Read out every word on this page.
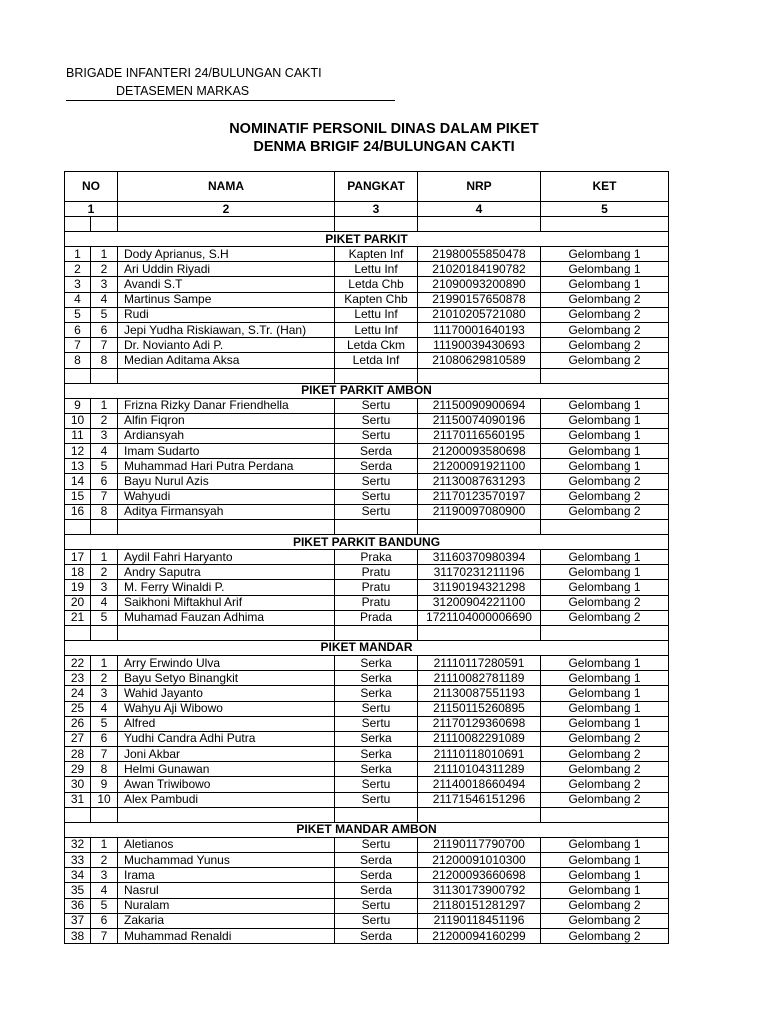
BRIGADE INFANTERI 24/BULUNGAN CAKTI
DETASEMEN MARKAS
NOMINATIF PERSONIL DINAS DALAM PIKET
DENMA BRIGIF 24/BULUNGAN CAKTI
NO		NAMA	PANGKAT	NRP	KET
1		2	3	4	5

PIKET PARKIT					
1	1	Dody Aprianus, S.H	Kapten Inf	21980055850478	Gelombang 1
2	2	Ari Uddin Riyadi	Lettu Inf	21020184190782	Gelombang 1
3	3	Avandi S.T	Letda Chb	21090093200890	Gelombang 1
4	4	Martinus Sampe	Kapten Chb	21990157650878	Gelombang 2
5	5	Rudi	Lettu Inf	21010205721080	Gelombang 2
6	6	Jepi Yudha Riskiawan, S.Tr. (Han)	Lettu Inf	11170001640193	Gelombang 2
7	7	Dr. Novianto Adi P.	Letda Ckm	11190039430693	Gelombang 2
8	8	Median Aditama Aksa	Letda Inf	21080629810589	Gelombang 2

PIKET PARKIT AMBON					
9	1	Frizna Rizky Danar Friendhella	Sertu	21150090900694	Gelombang 1
10	2	Alfin Fiqron	Sertu	21150074090196	Gelombang 1
11	3	Ardiansyah	Sertu	21170116560195	Gelombang 1
12	4	Imam Sudarto	Serda	21200093580698	Gelombang 1
13	5	Muhammad Hari Putra Perdana	Serda	21200091921100	Gelombang 1
14	6	Bayu Nurul Azis	Sertu	21130087631293	Gelombang 2
15	7	Wahyudi	Sertu	21170123570197	Gelombang 2
16	8	Aditya Firmansyah	Sertu	21190097080900	Gelombang 2

PIKET PARKIT BANDUNG					
17	1	Aydil Fahri Haryanto	Praka	31160370980394	Gelombang 1
18	2	Andry Saputra	Pratu	31170231211196	Gelombang 1
19	3	M. Ferry Winaldi P.	Pratu	31190194321298	Gelombang 1
20	4	Saikhoni Miftakhul Arif	Pratu	31200904221100	Gelombang 2
21	5	Muhamad Fauzan Adhima	Prada	1721104000006690	Gelombang 2

PIKET MANDAR					
22	1	Arry Erwindo Ulva	Serka	21110117280591	Gelombang 1
23	2	Bayu Setyo Binangkit	Serka	21110082781189	Gelombang 1
24	3	Wahid Jayanto	Serka	21130087551193	Gelombang 1
25	4	Wahyu Aji Wibowo	Sertu	21150115260895	Gelombang 1
26	5	Alfred	Sertu	21170129360698	Gelombang 1
27	6	Yudhi Candra Adhi Putra	Serka	21110082291089	Gelombang 2
28	7	Joni Akbar	Serka	21110118010691	Gelombang 2
29	8	Helmi Gunawan	Serka	21110104311289	Gelombang 2
30	9	Awan Triwibowo	Sertu	21140018660494	Gelombang 2
31	10	Alex Pambudi	Sertu	21171546151296	Gelombang 2

PIKET MANDAR AMBON					
32	1	Aletianos	Sertu	21190117790700	Gelombang 1
33	2	Muchammad Yunus	Serda	21200091010300	Gelombang 1
34	3	Irama	Serda	21200093660698	Gelombang 1
35	4	Nasrul	Serda	31130173900792	Gelombang 1
36	5	Nuralam	Sertu	21180151281297	Gelombang 2
37	6	Zakaria	Sertu	21190118451196	Gelombang 2
38	7	Muhammad Renaldi	Serda	21200094160299	Gelombang 2
